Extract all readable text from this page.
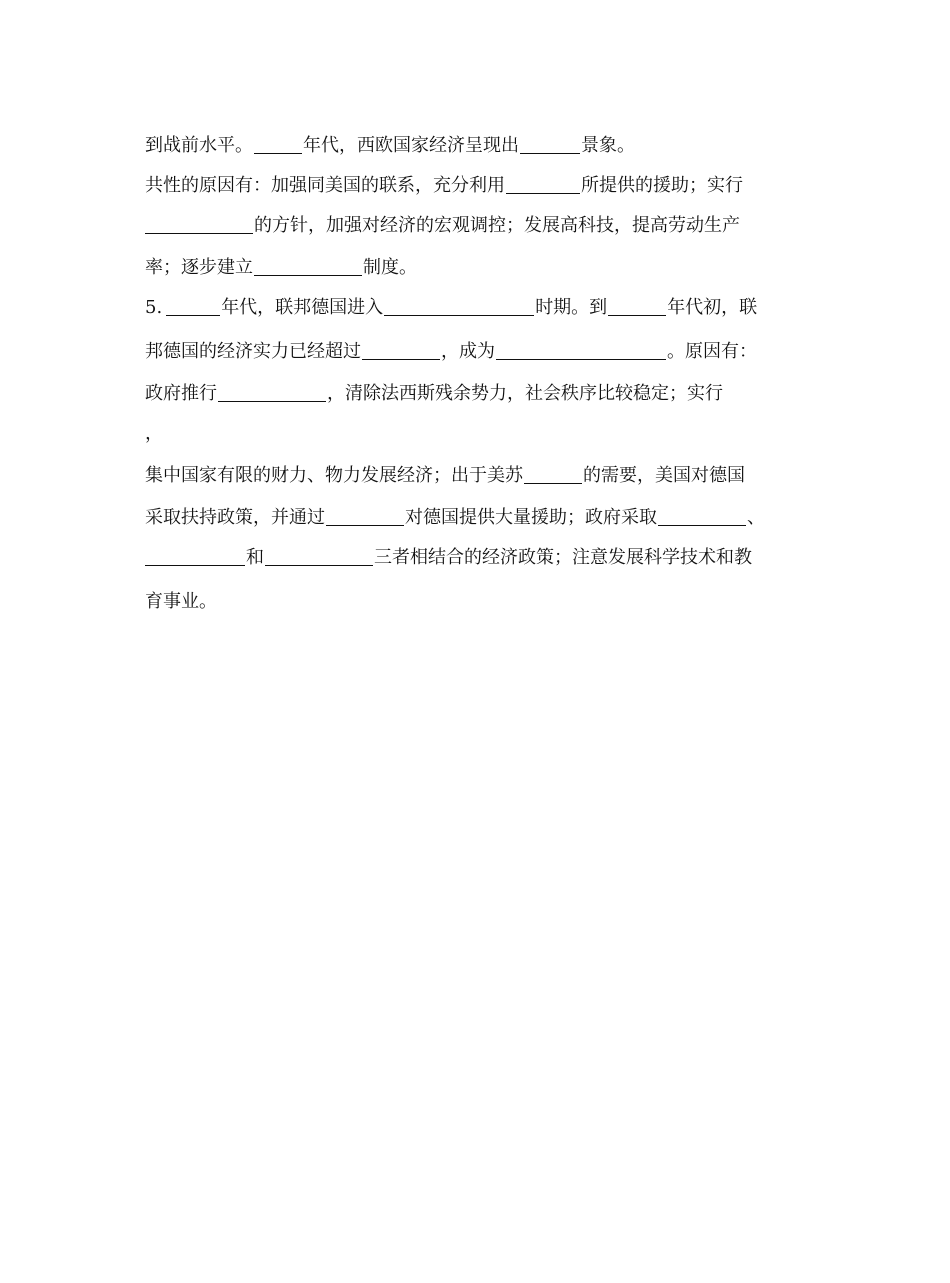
到战前水平。	年代，西欧国家经济呈现出	景象。
共性的原因有：加强同美国的联系，充分利用	所提供的援助；实行
的方针，加强对经济的宏观调控；发展高科技，提高劳动生产
率；逐步建立	制度。
5.	年代，联邦德国进入	时期。到	年代初，联
邦德国的经济实力已经超过	，成为	。原因有：
政府推行	，清除法西斯残余势力，社会秩序比较稳定；实行
，
集中国家有限的财力、物力发展经济；出于美苏	的需要，美国对德国
采取扶持政策，并通过	对德国提供大量援助；政府采取	、
和	三者相结合的经济政策；注意发展科学技术和教
育事业。
